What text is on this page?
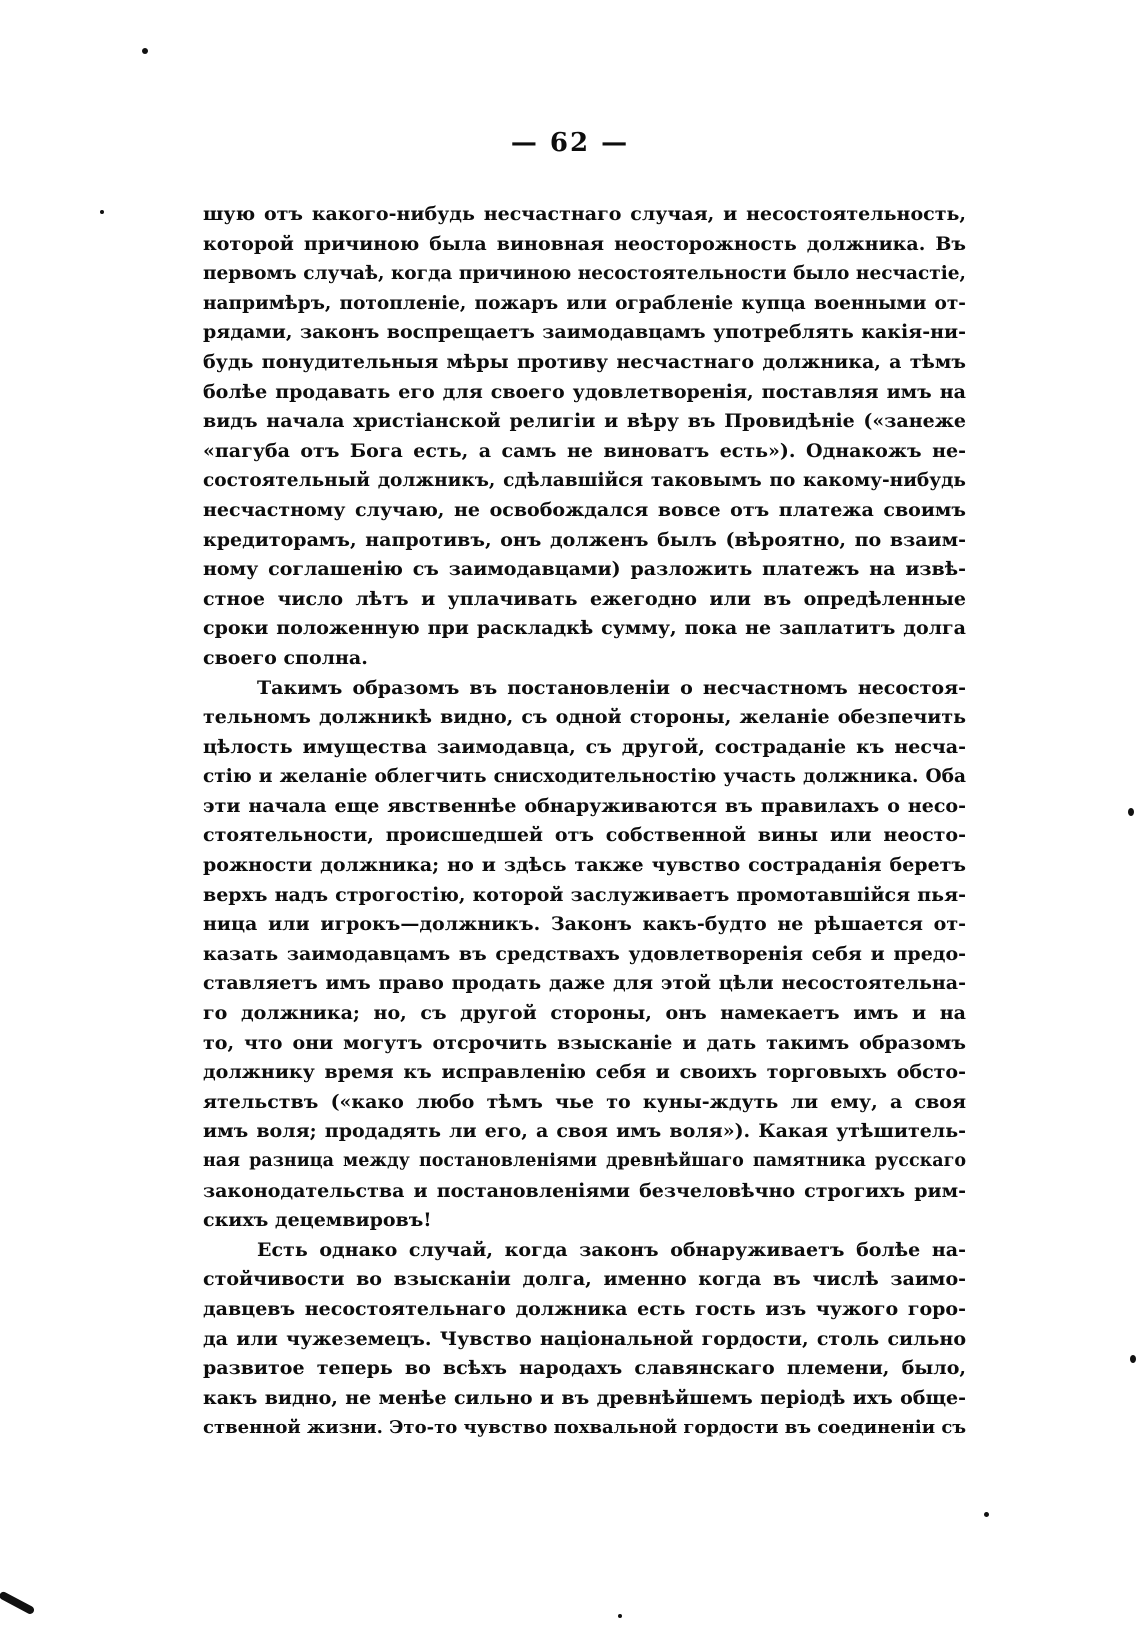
— 62 —
шую отъ какого-нибудь несчастнаго случая, и несостоятельность,
которой причиною была виновная неосторожность должника. Въ
первомъ случаѣ, когда причиною несостоятельности было несчастіе,
напримѣръ, потопленіе, пожаръ или ограбленіе купца военными от-
рядами, законъ воспрещаетъ заимодавцамъ употреблять какія-ни-
будь понудительныя мѣры противу несчастнаго должника, а тѣмъ
болѣе продавать его для своего удовлетворенія, поставляя имъ на
видъ начала христіанской религіи и вѣру въ Провидѣніе («занеже
«пагуба отъ Бога есть, а самъ не виноватъ есть»). Однакожъ не-
состоятельный должникъ, сдѣлавшійся таковымъ по какому-нибудь
несчастному случаю, не освобождался вовсе отъ платежа своимъ
кредиторамъ, напротивъ, онъ долженъ былъ (вѣроятно, по взаим-
ному соглашенію съ заимодавцами) разложить платежъ на извѣ-
стное число лѣтъ и уплачивать ежегодно или въ опредѣленные
сроки положенную при раскладкѣ сумму, пока не заплатитъ долга
своего сполна.
Такимъ образомъ въ постановленіи о несчастномъ несостоя-
тельномъ должникѣ видно, съ одной стороны, желаніе обезпечить
цѣлость имущества заимодавца, съ другой, состраданіе къ несча-
стію и желаніе облегчить снисходительностію участь должника. Оба
эти начала еще явственнѣе обнаруживаются въ правилахъ о несо-
стоятельности, происшедшей отъ собственной вины или неосто-
рожности должника; но и здѣсь также чувство состраданія беретъ
верхъ надъ строгостію, которой заслуживаетъ промотавшійся пья-
ница или игрокъ—должникъ. Законъ какъ-будто не рѣшается от-
казать заимодавцамъ въ средствахъ удовлетворенія себя и предо-
ставляетъ имъ право продать даже для этой цѣли несостоятельна-
го должника; но, съ другой стороны, онъ намекаетъ имъ и на
то, что они могутъ отсрочить взысканіе и дать такимъ образомъ
должнику время къ исправленію себя и своихъ торговыхъ обсто-
ятельствъ («како любо тѣмъ чье то куны-ждуть ли ему, а своя
имъ воля; продадять ли его, а своя имъ воля»). Какая утѣшитель-
ная разница между постановленіями древнѣйшаго памятника русскаго
законодательства и постановленіями безчеловѣчно строгихъ рим-
скихъ децемвировъ!
Есть однако случай, когда законъ обнаруживаетъ болѣе на-
стойчивости во взысканіи долга, именно когда въ числѣ заимо-
давцевъ несостоятельнаго должника есть гость изъ чужого горо-
да или чужеземецъ. Чувство національной гордости, столь сильно
развитое теперь во всѣхъ народахъ славянскаго племени, было,
какъ видно, не менѣе сильно и въ древнѣйшемъ періодѣ ихъ обще-
ственной жизни. Это-то чувство похвальной гордости въ соединеніи съ
